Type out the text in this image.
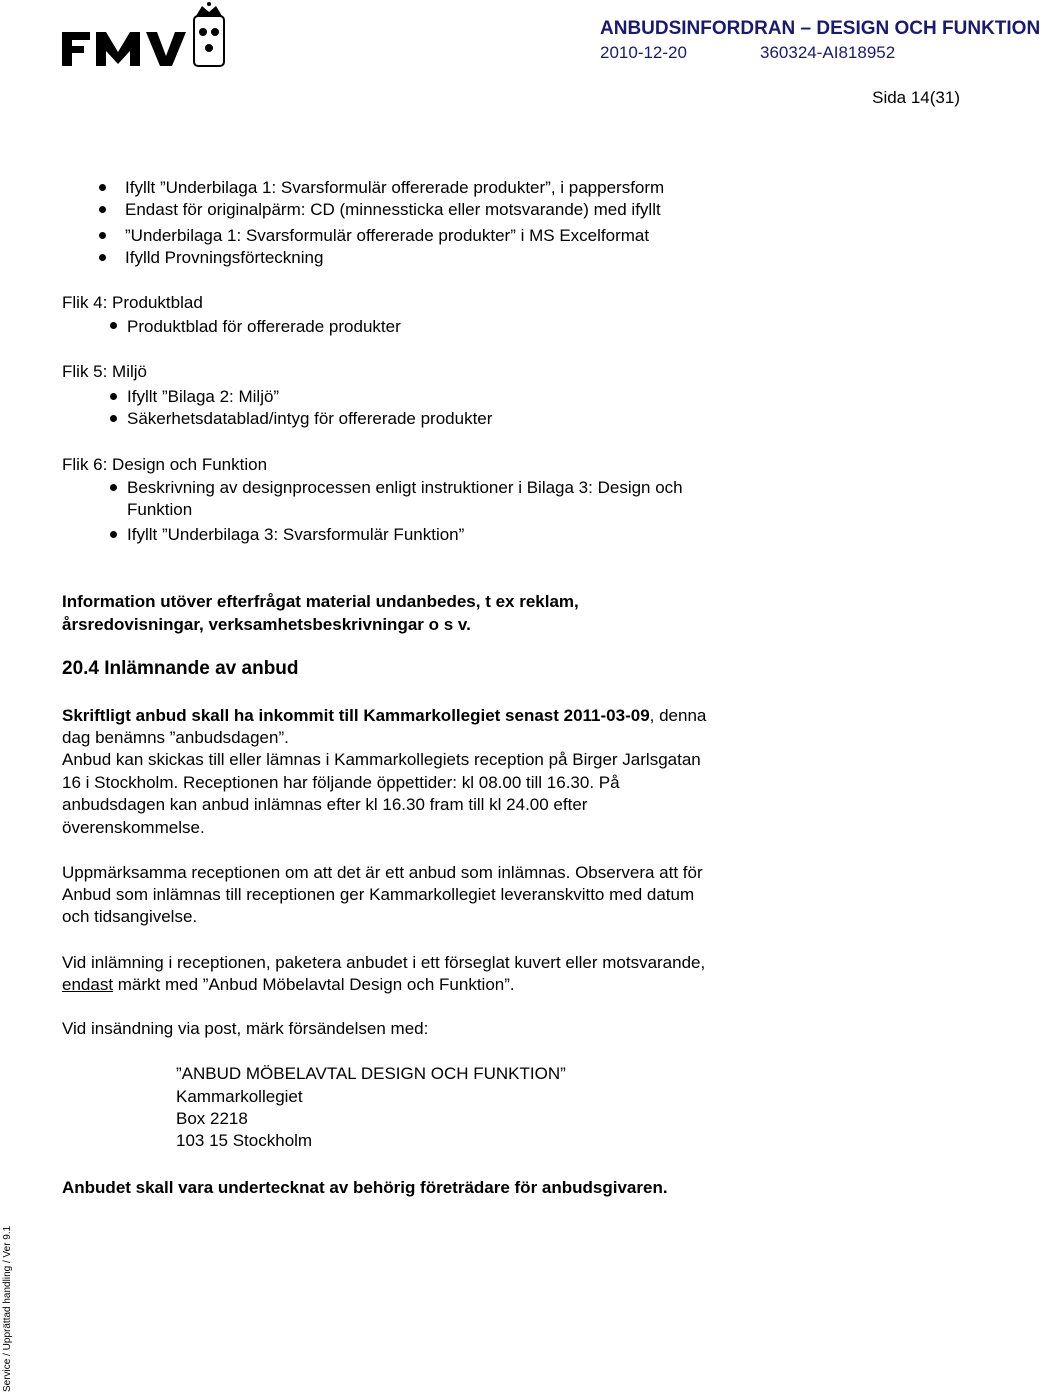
ANBUDSINFORDRAN – DESIGN OCH FUNKTION
2010-12-20	360324-AI818952
Sida 14(31)
Ifyllt ”Underbilaga 1: Svarsformulär offererade produkter”, i pappersform
Endast för originalpärm: CD (minnessticka eller motsvarande) med ifyllt
”Underbilaga 1: Svarsformulär offererade produkter” i MS Excelformat
Ifylld Provningsförteckning
Flik 4: Produktblad
Produktblad för offererade produkter
Flik 5: Miljö
Ifyllt ”Bilaga 2: Miljö”
Säkerhetsdatablad/intyg för offererade produkter
Flik 6: Design och Funktion
Beskrivning av designprocessen enligt instruktioner i Bilaga 3: Design och
Funktion
Ifyllt ”Underbilaga 3: Svarsformulär Funktion”
Information utöver efterfrågat material undanbedes, t ex reklam,
årsredovisningar, verksamhetsbeskrivningar o s v.
20.4 Inlämnande av anbud
Skriftligt anbud skall ha inkommit till Kammarkollegiet senast 2011-03-09, denna
dag benämns ”anbudsdagen”.
Anbud kan skickas till eller lämnas i Kammarkollegiets reception på Birger Jarlsgatan
16 i Stockholm. Receptionen har följande öppettider: kl 08.00 till 16.30. På
anbudsdagen kan anbud inlämnas efter kl 16.30 fram till kl 24.00 efter
överenskommelse.
Uppmärksamma receptionen om att det är ett anbud som inlämnas. Observera att för
Anbud som inlämnas till receptionen ger Kammarkollegiet leveranskvitto med datum
och tidsangivelse.
Vid inlämning i receptionen, paketera anbudet i ett förseglat kuvert eller motsvarande,
endast märkt med ”Anbud Möbelavtal Design och Funktion”.
Vid insändning via post, märk försändelsen med:
”ANBUD MÖBELAVTAL DESIGN OCH FUNKTION”
Kammarkollegiet
Box 2218
103 15 Stockholm
Anbudet skall vara undertecknat av behörig företrädare för anbudsgivaren.
Service / Upprättad handling / Ver 9.1
